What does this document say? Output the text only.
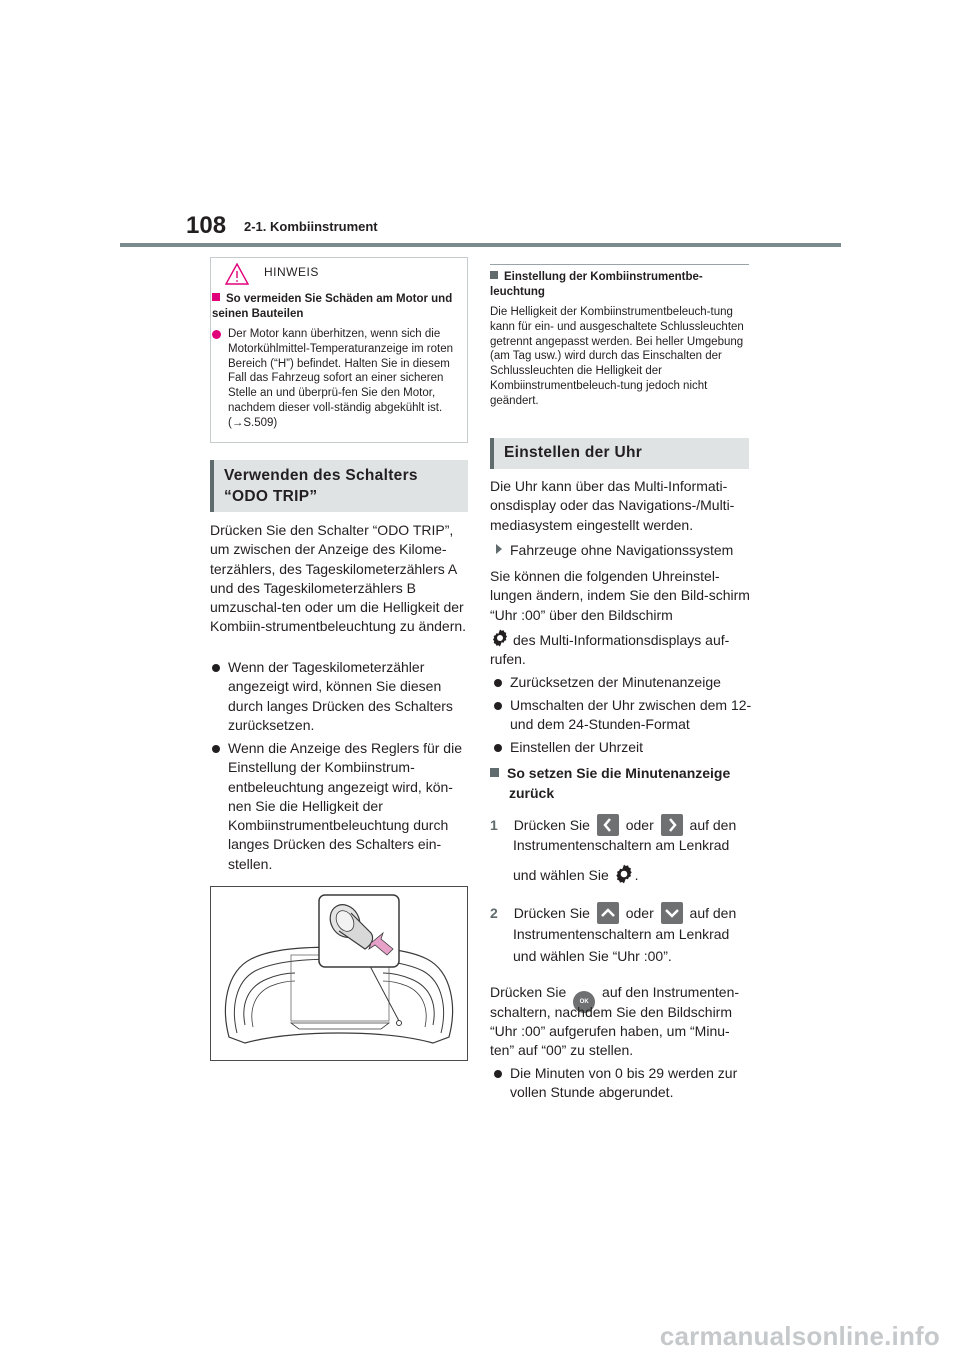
108 2-1. Kombiinstrument
HINWEIS
So vermeiden Sie Schäden am Motor und seinen Bauteilen
Der Motor kann überhitzen, wenn sich die Motorkühlmittel-Temperaturanzeige im roten Bereich (“H”) befindet. Halten Sie in diesem Fall das Fahrzeug sofort an einer sicheren Stelle an und überprü-fen Sie den Motor, nachdem dieser voll-ständig abgekühlt ist. (→S.509)
Verwenden des Schalters
“ODO TRIP”
Drücken Sie den Schalter “ODO TRIP”, um zwischen der Anzeige des Kilome-terzählers, des Tageskilometerzählers A und des Tageskilometerzählers B umzuschal-ten oder um die Helligkeit der Kombiin-strumentbeleuchtung zu ändern.
Wenn der Tageskilometerzähler angezeigt wird, können Sie diesen durch langes Drücken des Schalters zurücksetzen.
Wenn die Anzeige des Reglers für die Einstellung der Kombiinstrum-entbeleuchtung angezeigt wird, kön-nen Sie die Helligkeit der Kombiinstrumentbeleuchtung durch langes Drücken des Schalters ein-stellen.
Einstellung der Kombiinstrumentbe-leuchtung
Die Helligkeit der Kombiinstrumentbeleuch-tung kann für ein- und ausgeschaltete Schlussleuchten getrennt angepasst werden. Bei heller Umgebung (am Tag usw.) wird durch das Einschalten der Schlussleuchten die Helligkeit der Kombiinstrumentbeleuch-tung jedoch nicht geändert.
Einstellen der Uhr
Die Uhr kann über das Multi-Informati-onsdisplay oder das Navigations-/Multi-mediasystem eingestellt werden.
Fahrzeuge ohne Navigationssystem
Sie können die folgenden Uhreinstel-lungen ändern, indem Sie den Bild-schirm “Uhr :00” über den Bildschirm
des Multi-Informationsdisplays auf-rufen.
Zurücksetzen der Minutenanzeige
Umschalten der Uhr zwischen dem 12- und dem 24-Stunden-Format
Einstellen der Uhrzeit
So setzen Sie die Minutenanzeige
zurück
1 Drücken Sie	oder	auf den
Instrumentenschaltern am Lenkrad
und wählen Sie .
2 Drücken Sie	oder	auf den
Instrumentenschaltern am Lenkrad
und wählen Sie “Uhr :00”.
Drücken Sie OK auf den Instrumenten-
schaltern, nachdem Sie den Bildschirm
“Uhr :00” aufgerufen haben, um “Minu-
ten” auf “00” zu stellen.
Die Minuten von 0 bis 29 werden zur vollen Stunde abgerundet.
carmanualsonline.info
